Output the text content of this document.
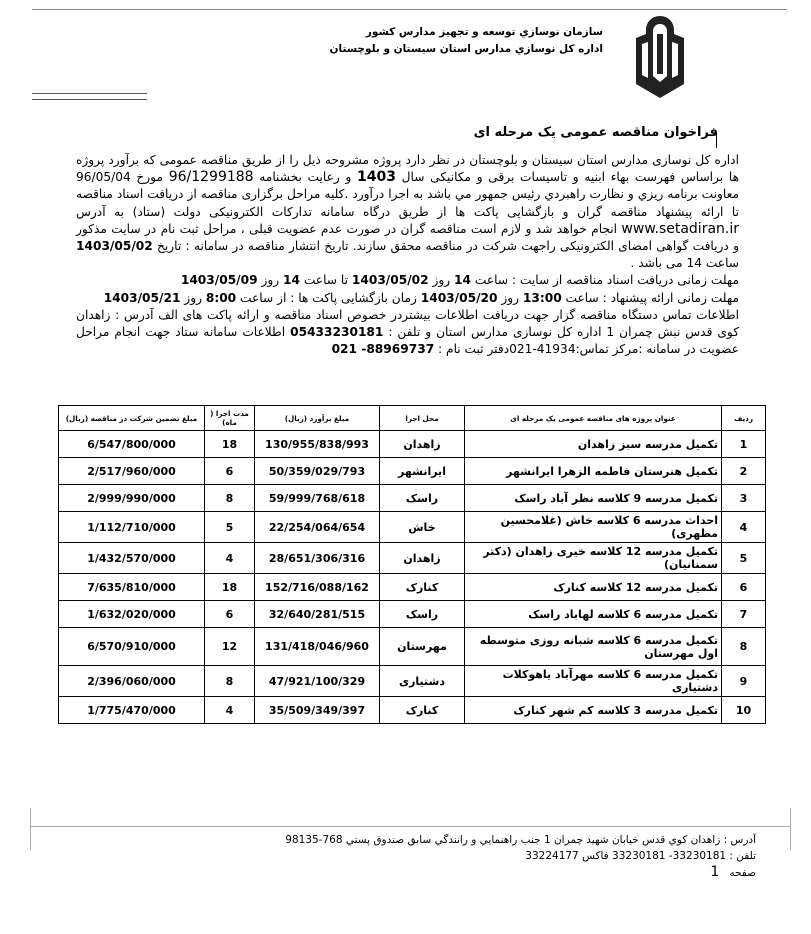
سازمان نوسازي توسعه و تجهيز مدارس كشور
اداره كل نوسازي مدارس استان سيستان و بلوچستان
فراخوان مناقصه عمومی یک مرحله ای

اداره کل نوسازی مدارس استان سیستان و بلوچستان در نظر دارد پروژه مشروحه ذیل را از طریق مناقصه عمومی که برآورد پروژه ها براساس فهرست بهاء ابنیه و تاسیسات برقی و مکانیکی سال 1403 و رعایت بخشنامه 96/1299188 مورخ 96/05/04 معاونت برنامه ريزي و نظارت راهبردي رئيس جمهور مي باشد به اجرا درآورد .کلیه مراحل برگزاری مناقصه از دریافت اسناد مناقصه تا ارائه پیشنهاد مناقصه گران و بازگشایی پاکت ها از طریق درگاه سامانه تدارکات الکترونیکی دولت (ستاد) به آدرس www.setadiran.ir انجام خواهد شد و لازم است مناقصه گران در صورت عدم عضویت قبلی ، مراحل ثبت نام در سایت مذکور و دریافت گواهی امضای الکترونیکی راجهت شرکت در مناقصه محقق سازند. تاریخ انتشار مناقصه در سامانه : تاریخ 1403/05/02 ساعت 14 می باشد .

مهلت زمانی دریافت اسناد مناقصه از سایت : ساعت 14 روز 1403/05/02 تا ساعت 14 روز 1403/05/09

مهلت زمانی ارائه پیشنهاد : ساعت 13:00 روز 1403/05/20 زمان بازگشایی پاکت ها : از ساعت 8:00 روز 1403/05/21

اطلاعات تماس دستگاه مناقصه گزار جهت دریافت اطلاعات بیشتردر خصوص اسناد مناقصه و ارائه پاکت های الف آدرس : زاهدان کوی قدس نبش چمران 1 اداره کل نوسازی مدارس استان و تلفن : 05433230181 اطلاعات سامانه ستاد جهت انجام مراحل عضویت در سامانه :مرکز تماس:41934-021دفتر ثبت نام : 88969737- 021

ردیف	عنوان پروژه های مناقصه عمومی یک مرحله ای	محل اجرا	مبلغ برآورد (ریال)	مدت اجرا ( ماه)	مبلغ تضمین شرکت در مناقصه (ریال)
1	تکمیل مدرسه سبز زاهدان	زاهدان	130/955/838/993	18	6/547/800/000
2	تکمیل هنرستان فاطمه الزهرا ایرانشهر	ایرانشهر	50/359/029/793	6	2/517/960/000
3	تکمیل مدرسه 9 کلاسه نظر آباد راسک	راسک	59/999/768/618	8	2/999/990/000
4	احداث مدرسه 6 کلاسه خاش (غلامحسین مطهری)	خاش	22/254/064/654	5	1/112/710/000
5	تکمیل مدرسه 12 کلاسه خیری زاهدان (دکتر سمنانیان)	زاهدان	28/651/306/316	4	1/432/570/000
6	تکمیل مدرسه 12 کلاسه کنارک	کنارک	152/716/088/162	18	7/635/810/000
7	تکمیل مدرسه 6 کلاسه لهاباد راسک	راسک	32/640/281/515	6	1/632/020/000
8	تکمیل مدرسه 6 کلاسه شبانه روزی متوسطه اول مهرستان	مهرستان	131/418/046/960	12	6/570/910/000
9	تکمیل مدرسه 6 کلاسه مهرآباد یاهوکلات دشتیاری	دشتیاری	47/921/100/329	8	2/396/060/000
10	تکمیل مدرسه 3 کلاسه کم شهر کنارک	کنارک	35/509/349/397	4	1/775/470/000
آدرس : زاهدان كوي قدس خيابان شهيد چمران 1 جنب راهنمايي و رانندگي سابق صندوق پستي 768-98135
تلفن : 33230181- 33230181 فاكس 33224177
صفحه   1
